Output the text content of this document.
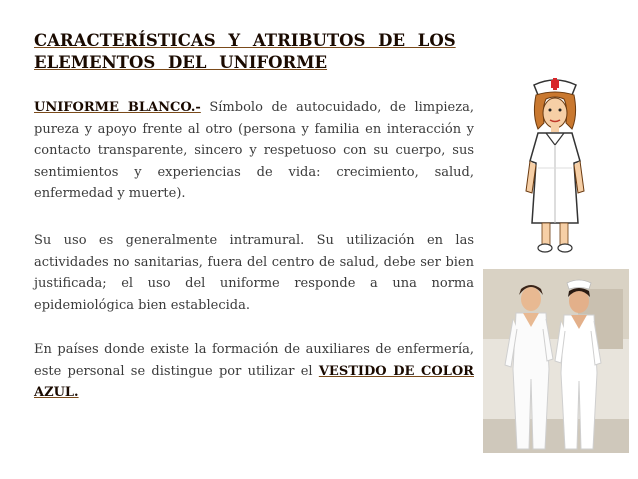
CARACTERÍSTICAS Y ATRIBUTOS DE LOS ELEMENTOS DEL UNIFORME

UNIFORME BLANCO.- Símbolo de autocuidado, de limpieza, pureza y apoyo frente al otro (persona y familia en interacción y contacto transparente, sincero y respetuoso con su cuerpo, sus sentimientos y experiencias de vida: crecimiento, salud, enfermedad y muerte).

Su uso es generalmente intramural. Su utilización en las actividades no sanitarias, fuera del centro de salud, debe ser bien justificada; el uso del uniforme responde a una norma epidemiológica bien establecida.

En países donde existe la formación de auxiliares de enfermería, este personal se distingue por utilizar el VESTIDO DE COLOR AZUL.
